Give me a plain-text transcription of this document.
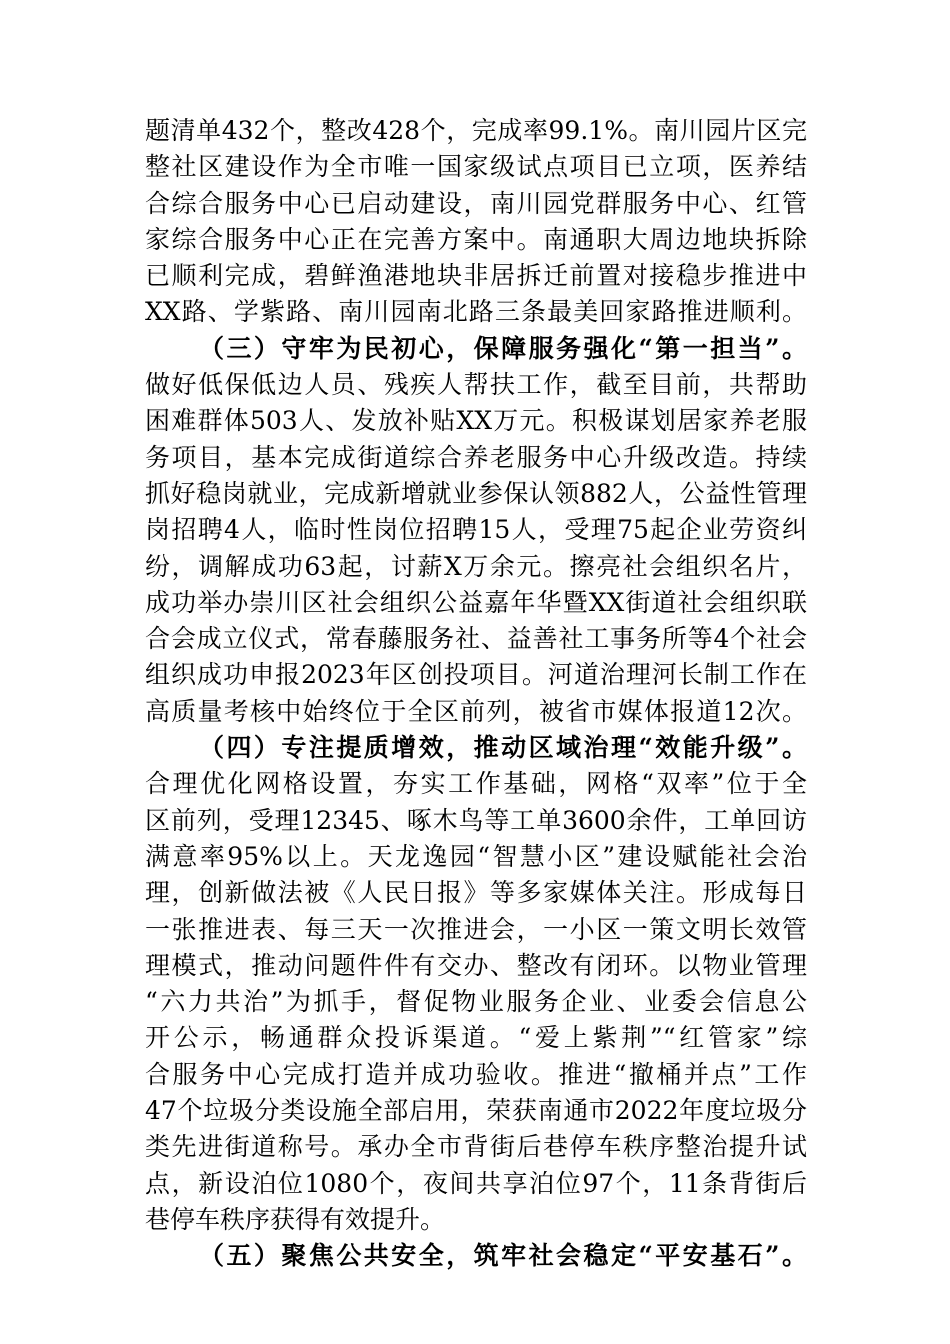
题清单432个，整改428个，完成率99.1%。南川园片区完
整社区建设作为全市唯一国家级试点项目已立项，医养结
合综合服务中心已启动建设，南川园党群服务中心、红管
家综合服务中心正在完善方案中。南通职大周边地块拆除
已顺利完成，碧鲜渔港地块非居拆迁前置对接稳步推进中
XX路、学紫路、南川园南北路三条最美回家路推进顺利。
（三）守牢为民初心，保障服务强化“第一担当”。
做好低保低边人员、残疾人帮扶工作，截至目前，共帮助
困难群体503人、发放补贴XX万元。积极谋划居家养老服
务项目，基本完成街道综合养老服务中心升级改造。持续
抓好稳岗就业，完成新增就业参保认领882人，公益性管理
岗招聘4人，临时性岗位招聘15人，受理75起企业劳资纠
纷，调解成功63起，讨薪X万余元。擦亮社会组织名片，
成功举办崇川区社会组织公益嘉年华暨XX街道社会组织联
合会成立仪式，常春藤服务社、益善社工事务所等4个社会
组织成功申报2023年区创投项目。河道治理河长制工作在
高质量考核中始终位于全区前列，被省市媒体报道12次。
（四）专注提质增效，推动区域治理“效能升级”。
合理优化网格设置，夯实工作基础，网格“双率”位于全
区前列，受理12345、啄木鸟等工单3600余件，工单回访
满意率95%以上。天龙逸园“智慧小区”建设赋能社会治
理，创新做法被《人民日报》等多家媒体关注。形成每日
一张推进表、每三天一次推进会，一小区一策文明长效管
理模式，推动问题件件有交办、整改有闭环。以物业管理
“六力共治”为抓手，督促物业服务企业、业委会信息公
开公示，畅通群众投诉渠道。“爱上紫荆”“红管家”综
合服务中心完成打造并成功验收。推进“撤桶并点”工作
47个垃圾分类设施全部启用，荣获南通市2022年度垃圾分
类先进街道称号。承办全市背街后巷停车秩序整治提升试
点，新设泊位1080个，夜间共享泊位97个，11条背街后
巷停车秩序获得有效提升。
（五）聚焦公共安全，筑牢社会稳定“平安基石”。
